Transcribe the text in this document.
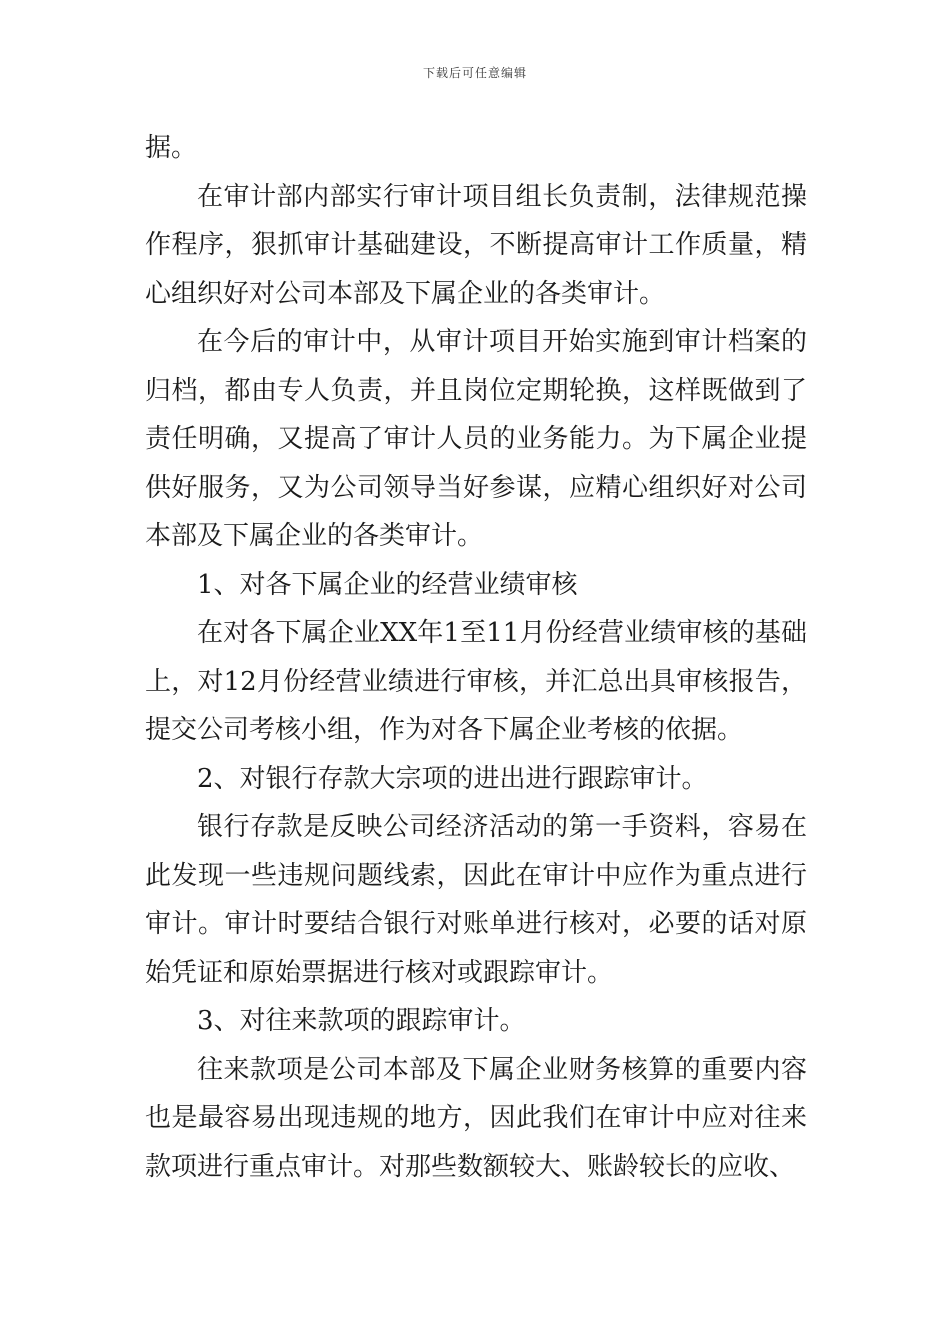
下载后可任意编辑

据。

在审计部内部实行审计项目组长负责制，法律规范操作程序，狠抓审计基础建设，不断提高审计工作质量，精心组织好对公司本部及下属企业的各类审计。

在今后的审计中，从审计项目开始实施到审计档案的归档，都由专人负责，并且岗位定期轮换，这样既做到了责任明确，又提高了审计人员的业务能力。为下属企业提供好服务，又为公司领导当好参谋，应精心组织好对公司本部及下属企业的各类审计。

1、对各下属企业的经营业绩审核

在对各下属企业XX年1至11月份经营业绩审核的基础上，对12月份经营业绩进行审核，并汇总出具审核报告，提交公司考核小组，作为对各下属企业考核的依据。

2、对银行存款大宗项的进出进行跟踪审计。

银行存款是反映公司经济活动的第一手资料，容易在此发现一些违规问题线索，因此在审计中应作为重点进行审计。审计时要结合银行对账单进行核对，必要的话对原始凭证和原始票据进行核对或跟踪审计。

3、对往来款项的跟踪审计。

往来款项是公司本部及下属企业财务核算的重要内容也是最容易出现违规的地方，因此我们在审计中应对往来款项进行重点审计。对那些数额较大、账龄较长的应收、
